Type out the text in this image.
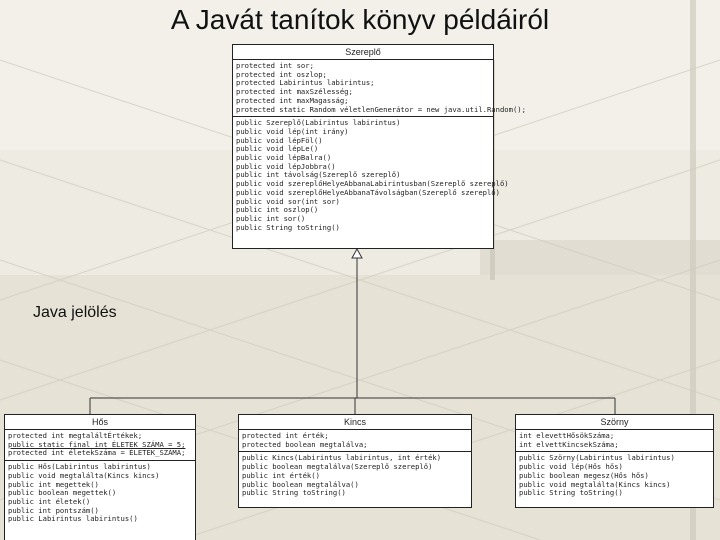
A Javát tanítok könyv példáiról
Szereplő
protected int sor;
protected int oszlop;
protected Labirintus labirintus;
protected int maxSzélesség;
protected int maxMagasság;
protected static Random véletlenGenerátor = new java.util.Random();
public Szereplő(Labirintus labirintus)
public void lép(int irány)
public void lépFöl()
public void lépLe()
public void lépBalra()
public void lépJobbra()
public int távolság(Szereplő szereplő)
public void szereplőHelyeAbbanaLabirintusban(Szereplő szereplő)
public void szereplőHelyeAbbanaTávolságban(Szereplő szereplő)
public void sor(int sor)
public int oszlop()
public int sor()
public String toString()
Java jelölés
Hős
protected int megtaláltÉrtékek;
public static final int ÉLETEK_SZÁMA = 5;
protected int életekSzáma = ÉLETEK_SZÁMA;
public Hős(Labirintus labirintus)
public void megtalálta(Kincs kincs)
public int megettek()
public boolean megettek()
public int életek()
public int pontszám()
public Labirintus labirintus()
Kincs
protected int érték;
protected boolean megtalálva;
public Kincs(Labirintus labirintus, int érték)
public boolean megtalálva(Szereplő szereplő)
public int érték()
public boolean megtalálva()
public String toString()
Szörny
int elevettHősökSzáma;
int elvettKincsekSzáma;
public Szörny(Labirintus labirintus)
public void lép(Hős hős)
public boolean megesz(Hős hős)
public void megtalálta(Kincs kincs)
public String toString()
